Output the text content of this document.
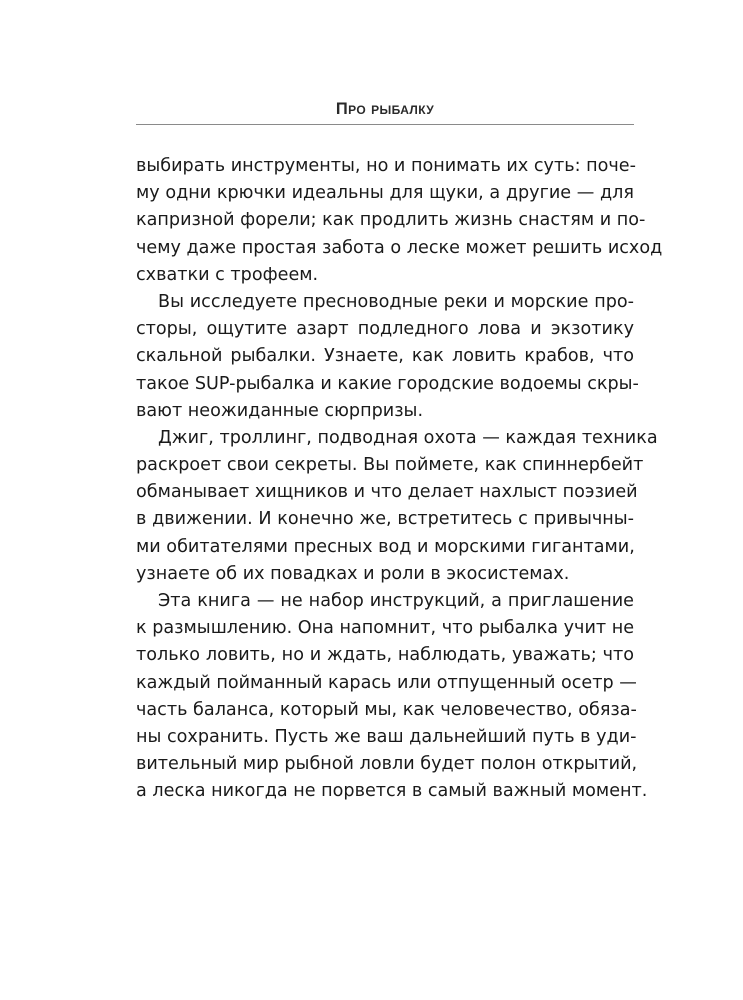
Про рыбалку
выбирать инструменты, но и понимать их суть: поче-
му одни крючки идеальны для щуки, а другие — для
капризной форели; как продлить жизнь снастям и по-
чему даже простая забота о леске может решить исход
схватки с трофеем.
Вы исследуете пресноводные реки и морские про-
сторы, ощутите азарт подледного лова и экзотику
скальной рыбалки. Узнаете, как ловить крабов, что
такое SUP-рыбалка и какие городские водоемы скры-
вают неожиданные сюрпризы.
Джиг, троллинг, подводная охота — каждая техника
раскроет свои секреты. Вы поймете, как спиннербейт
обманывает хищников и что делает нахлыст поэзией
в движении. И конечно же, встретитесь с привычны-
ми обитателями пресных вод и морскими гигантами,
узнаете об их повадках и роли в экосистемах.
Эта книга — не набор инструкций, а приглашение
к размышлению. Она напомнит, что рыбалка учит не
только ловить, но и ждать, наблюдать, уважать; что
каждый пойманный карась или отпущенный осетр —
часть баланса, который мы, как человечество, обяза-
ны сохранить. Пусть же ваш дальнейший путь в уди-
вительный мир рыбной ловли будет полон открытий,
а леска никогда не порвется в самый важный момент.
